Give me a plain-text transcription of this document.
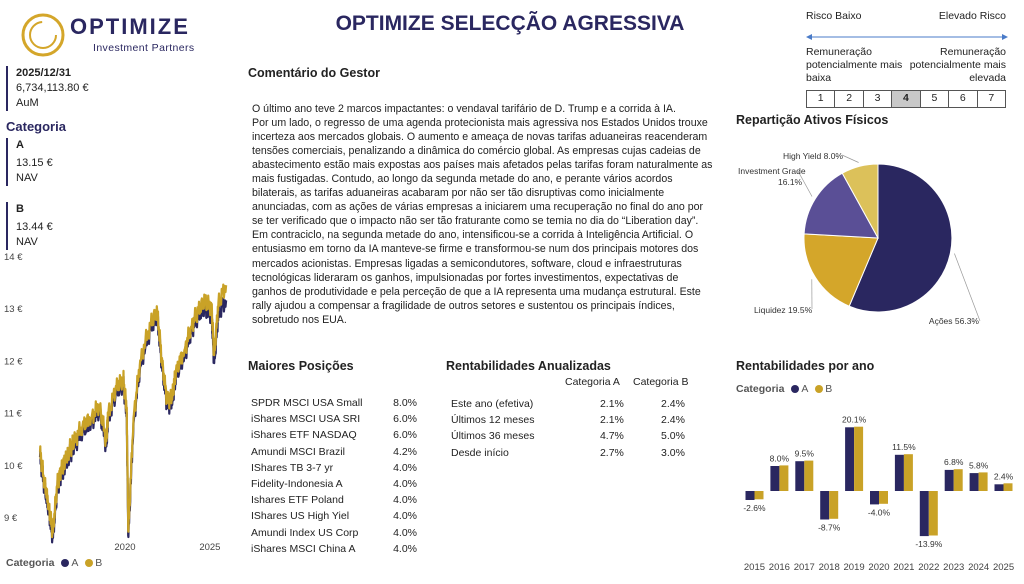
OPTIMIZE
Investment Partners
OPTIMIZE SELECÇÃO AGRESSIVA
2025/12/31
6,734,113.80 €
AuM
Categoria
A
13.15 €
NAV
B
13.44 €
NAV
14 €
13 €
12 €
11 €
10 €
9 €
2020	2025
Categoria A B
Comentário do Gestor
O último ano teve 2 marcos impactantes: o vendaval tarifário de D. Trump e a corrida à IA.
Por um lado, o regresso de uma agenda protecionista mais agressiva nos Estados Unidos trouxe incerteza aos mercados globais. O aumento e ameaça de novas tarifas aduaneiras reacenderam tensões comerciais, penalizando a dinâmica do comércio global. As empresas cujas cadeias de abastecimento estão mais expostas aos países mais afetados pelas tarifas foram naturalmente as mais fustigadas. Contudo, ao longo da segunda metade do ano, e perante vários acordos bilaterais, as tarifas aduaneiras acabaram por não ser tão disruptivas como inicialmente anunciadas, com as ações de várias empresas a iniciarem uma recuperação no final do ano por se ter verificado que o impacto não ser tão fraturante como se temia no dia do “Liberation day”.
Em contraciclo, na segunda metade do ano, intensificou-se a corrida à Inteligência Artificial. O entusiasmo em torno da IA manteve-se firme e transformou-se num dos principais motores dos mercados acionistas. Empresas ligadas a semicondutores, software, cloud e infraestruturas tecnológicas lideraram os ganhos, impulsionadas por fortes investimentos, expectativas de ganhos de produtividade e pela perceção de que a IA representa uma mudança estrutural. Este rally ajudou a compensar a fragilidade de outros setores e sustentou os principais índices, sobretudo nos EUA.
Risco Baixo	Elevado Risco
Remuneração potencialmente mais baixa
Remuneração potencialmente mais elevada
1	2	3	4	5	6	7
Repartição Ativos Físicos
Ações 56.3%
Liquidez 19.5%
High Yield 8.0%
Investment Grade 16.1%
Maiores Posições
SPDR MSCI USA Small	8.0%
iShares MSCI USA SRI	6.0%
iShares ETF NASDAQ	6.0%
Amundi MSCI Brazil	4.2%
IShares TB 3-7 yr	4.0%
Fidelity-Indonesia A	4.0%
Ishares ETF Poland	4.0%
IShares US High Yiel	4.0%
Amundi Index US Corp	4.0%
iShares MSCI China A	4.0%
Rentabilidades Anualizadas
Categoria A Categoria B
Este ano (efetiva)	2.1%	2.4%
Últimos 12 meses	2.1%	2.4%
Últimos 36 meses	4.7%	5.0%
Desde início	2.7%	3.0%
Rentabilidades por ano
Categoria A B
-2.6%
2015
8.0%
2016
9.5%
2017
-8.7%
2018
20.1%
2019
-4.0%
2020
11.5%
2021
-13.9%
2022
6.8%
2023
5.8%
2024
2.4%
2025
